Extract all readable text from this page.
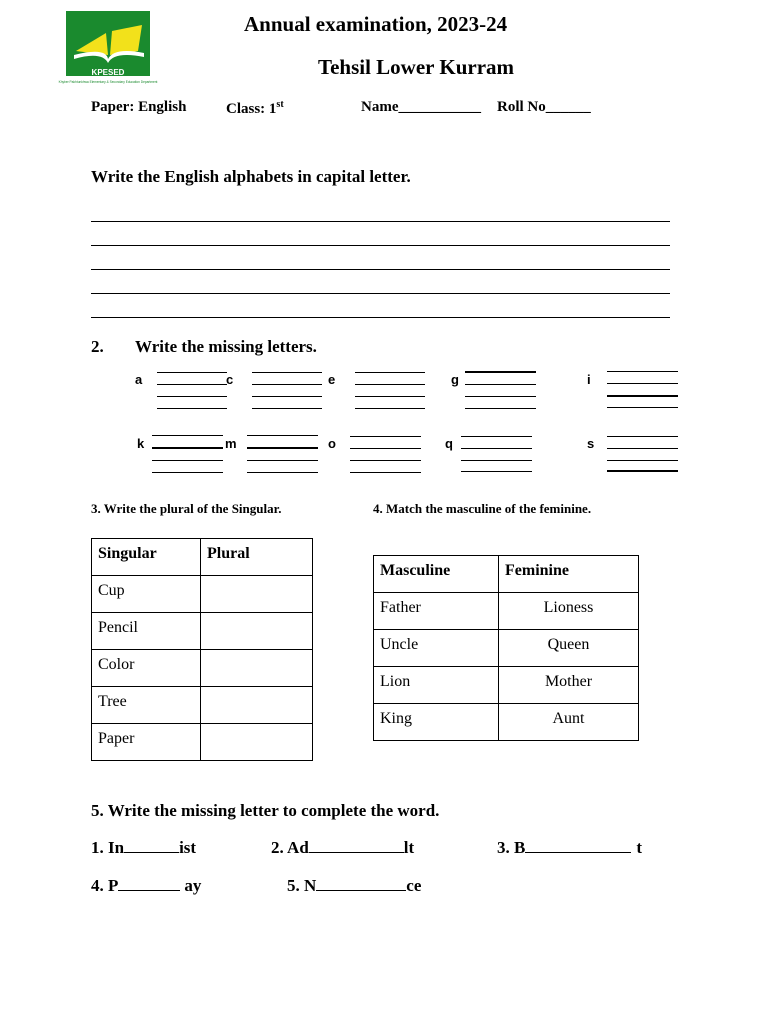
KPESED
Khyber Pakhtunkhwa Elementary & Secondary Education Department
Annual examination, 2023-24
Tehsil Lower Kurram
Paper: English	Class: 1st	Name___________ Roll No______
Write the English alphabets in capital letter.
2. Write the missing letters.
a	c	e	g	i
k	m	o	q	s
3. Write the plural of the Singular.	4. Match the masculine of the feminine.
Singular	Plural
Cup	
Pencil	
Color	
Tree	
Paper	
Masculine	Feminine
Father	Lioness
Uncle	Queen
Lion	Mother
King	Aunt
5. Write the missing letter to complete the word.
1. In	ist	2. Ad	lt	3. B	t
4. P	ay	5. N	ce
